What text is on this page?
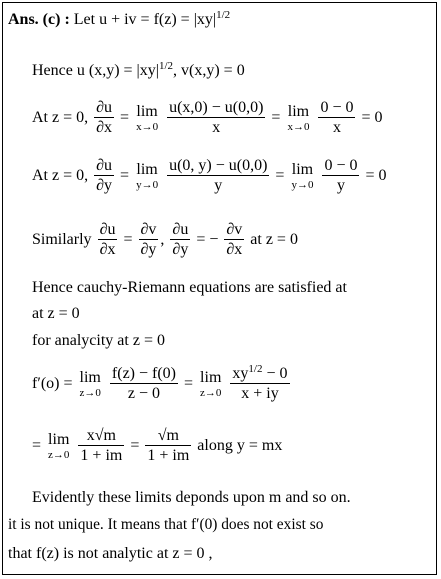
Ans. (c) : Let u + iv = $f(z) = |xy|^{1/2}$
Hence u $(x,y) = |xy|^{1/2}$, v(x,y) = 0
At z = 0, $\frac{\partial u}{\partial x} = \lim$
x→0
$\frac{u(x,0) - u(0,0)}{x} = \lim$
x→0
$\frac{0 - 0}{x} = 0$
At z = 0, $\frac{\partial u}{\partial y} = \lim$
y→0
$\frac{u(0, y) - u(0,0)}{y} = \lim$
y→0
$\frac{0 - 0}{y} = 0$
Similarly $\frac{\partial u}{\partial x} = \frac{\partial v}{\partial y}$ , $\frac{\partial u}{\partial y}$ = − $\frac{\partial v}{\partial x}$ at z = 0
Hence cauchy-Riemann equations are satisfied at
at z = 0
for analycity at z = 0
f′(o) = lim
z→0
$\frac{f(z) - f(0)}{z - 0} = \lim$
z→0
$\frac{xy^{1/2} - 0}{x + iy}$
= lim
z→0
$\frac{x√m}{1 + im} = \frac{√m}{1 + im}$ along y = mx
Evidently these limits deponds upon m and so on.
it is not unique. It means that f′(0) does not exist so
that f(z) is not analytic at z = 0 ,
